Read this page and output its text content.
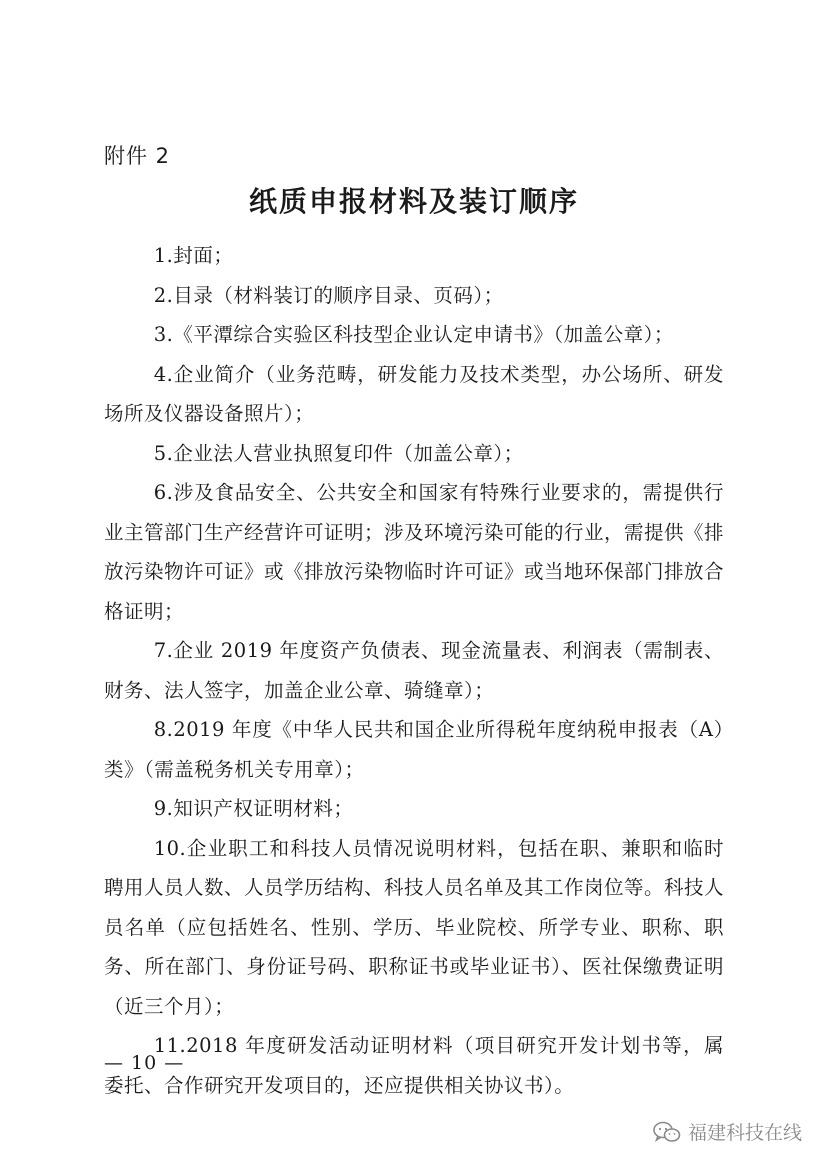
附件 2
纸质申报材料及装订顺序

1.封面；

2.目录（材料装订的顺序目录、页码）；

3.《平潭综合实验区科技型企业认定申请书》（加盖公章）；

4.企业简介（业务范畴，研发能力及技术类型，办公场所、研发场所及仪器设备照片）；

5.企业法人营业执照复印件（加盖公章）；

6.涉及食品安全、公共安全和国家有特殊行业要求的，需提供行业主管部门生产经营许可证明；涉及环境污染可能的行业，需提供《排放污染物许可证》或《排放污染物临时许可证》或当地环保部门排放合格证明；

7.企业 2019 年度资产负债表、现金流量表、利润表（需制表、财务、法人签字，加盖企业公章、骑缝章）；

8.2019 年度《中华人民共和国企业所得税年度纳税申报表（A）类》（需盖税务机关专用章）；

9.知识产权证明材料；

10.企业职工和科技人员情况说明材料，包括在职、兼职和临时聘用人员人数、人员学历结构、科技人员名单及其工作岗位等。科技人员名单（应包括姓名、性别、学历、毕业院校、所学专业、职称、职务、所在部门、身份证号码、职称证书或毕业证书）、医社保缴费证明（近三个月）；

11.2018 年度研发活动证明材料（项目研究开发计划书等，属委托、合作研究开发项目的，还应提供相关协议书）。

— 10 —
福建科技在线
